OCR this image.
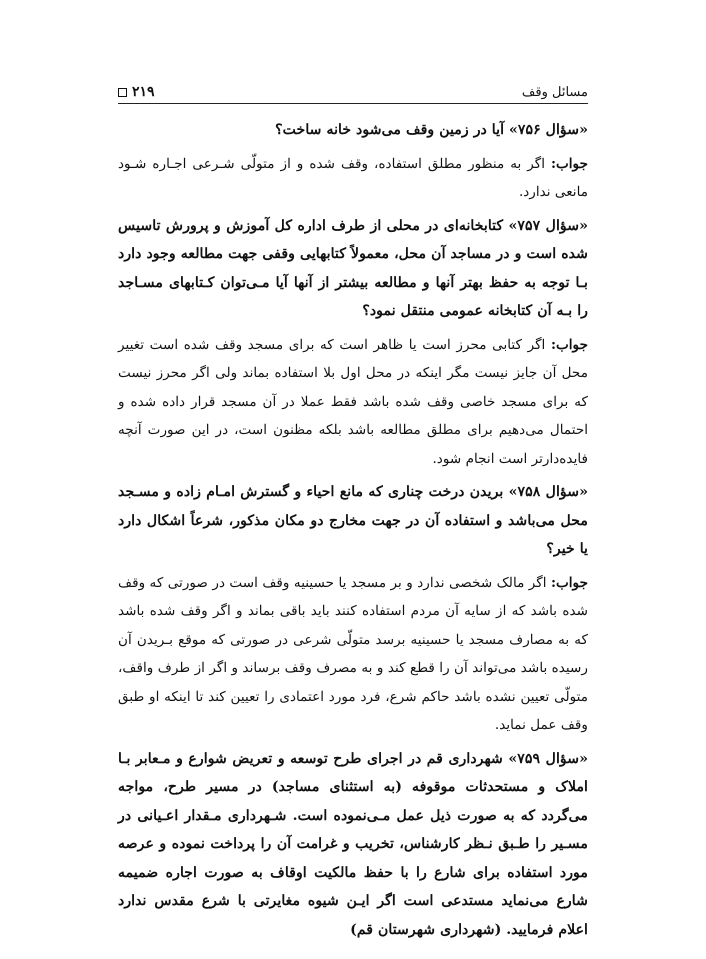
مسائل وقف
۲۱۹

«سؤال ۷۵۶» آیا در زمین وقف می‌شود خانه ساخت؟

جواب: اگر به منظور مطلق استفاده، وقف شده و از متولّی شـرعی اجـاره شـود مانعی ندارد.

«سؤال ۷۵۷» کتابخانه‌ای در محلی از طرف اداره کل آموزش و پرورش تاسیس شده است و در مساجد آن محل، معمولاً کتابهایی وقفی جهت مطالعه وجود دارد بـا توجه به حفظ بهتر آنها و مطالعه بیشتر از آنها آیا مـی‌توان کـتابهای مسـاجد را بـه آن کتابخانه عمومی منتقل نمود؟

جواب: اگر کتابی محرز است یا ظاهر است که برای مسجد وقف شده است تغییر محل آن جایز نیست مگر اینکه در محل اول بلا استفاده بماند ولی اگر محرز نیست که برای مسجد خاصی وقف شده باشد فقط عملا در آن مسجد قرار داده شده و احتمال می‌دهیم برای مطلق مطالعه باشد بلکه مظنون است، در این صورت آنچه فایده‌دارتر است انجام شود.

«سؤال ۷۵۸» بریدن درخت چناری که مانع احیاء و گسترش امـام زاده و مسـجد محل می‌باشد و استفاده آن در جهت مخارج دو مکان مذکور، شرعاً اشکال دارد یا خیر؟

جواب: اگر مالک شخصی ندارد و بر مسجد یا حسینیه وقف است در صورتی که وقف شده باشد که از سایه آن مردم استفاده کنند باید باقی بماند و اگر وقف شده باشد که به مصارف مسجد یا حسینیه برسد متولّی شرعی در صورتی که موقع بـریدن آن رسیده باشد می‌تواند آن را قطع کند و به مصرف وقف برساند و اگر از طرف واقف، متولّی تعیین نشده باشد حاکم شرع، فرد مورد اعتمادی را تعیین کند تا اینکه او طبق وقف عمل نماید.

«سؤال ۷۵۹» شهرداری قم در اجرای طرح توسعه و تعریض شوارع و مـعابر بـا املاک و مستحدثات موقوفه (به استثنای مساجد) در مسیر طرح، مواجه می‌گردد که به صورت ذیل عمل مـی‌نموده است. شـهرداری مـقدار اعـیانی در مسـیر را طـبق نـظر کارشناس، تخریب و غرامت آن را پرداخت نموده و عرصه مورد استفاده برای شارع را با حفظ مالکیت اوقاف به صورت اجاره ضمیمه شارع می‌نماید مستدعی است اگر ایـن شیوه مغایرتی با شرع مقدس ندارد اعلام فرمایید. (شهرداری شهرستان قم)
